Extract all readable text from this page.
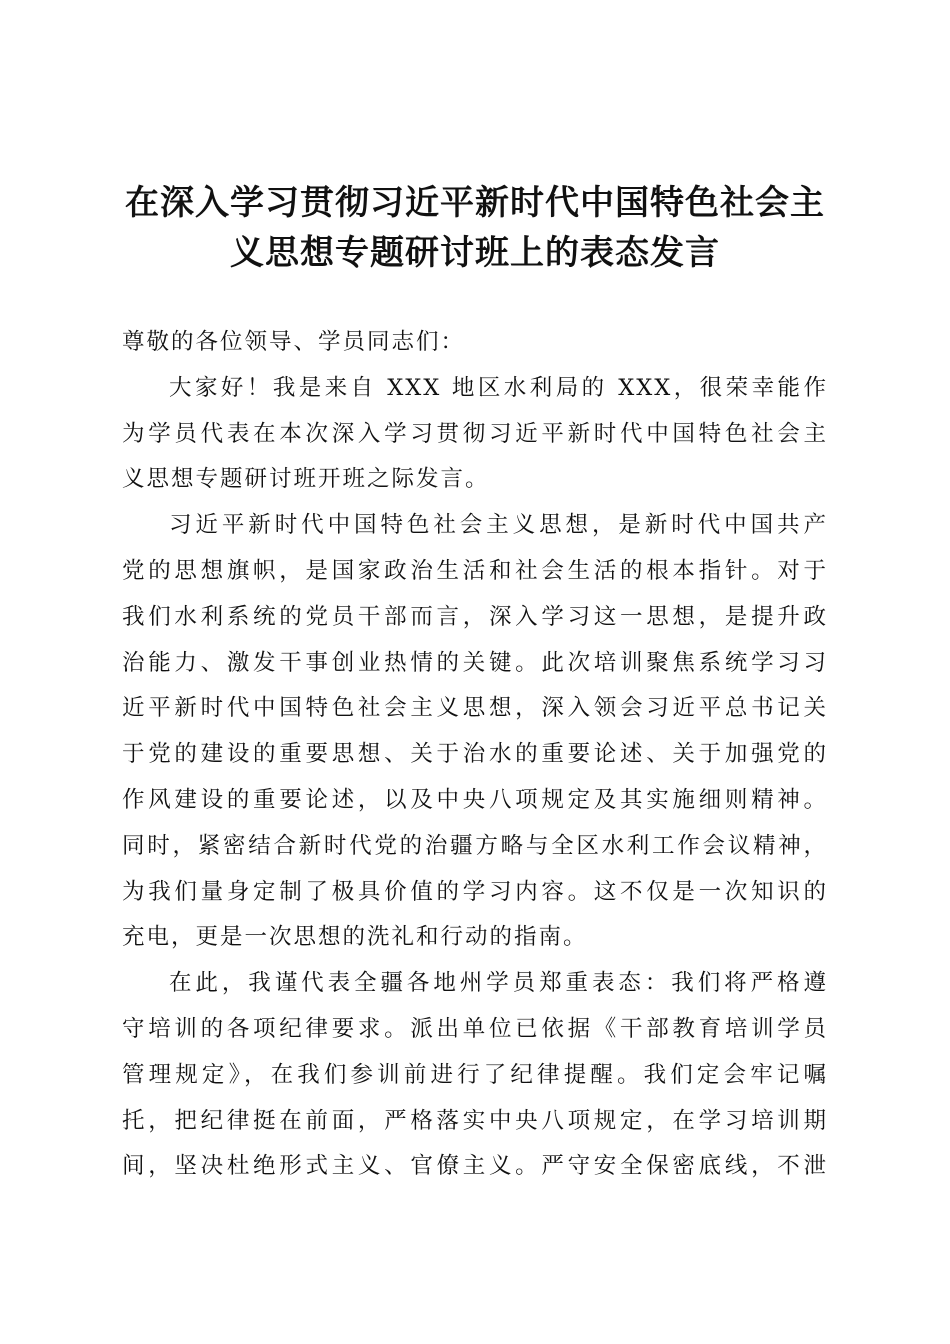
在深入学习贯彻习近平新时代中国特色社会主
义思想专题研讨班上的表态发言
尊敬的各位领导、学员同志们：
大家好！我是来自 XXX 地区水利局的 XXX，很荣幸能作
为学员代表在本次深入学习贯彻习近平新时代中国特色社会主
义思想专题研讨班开班之际发言。
习近平新时代中国特色社会主义思想，是新时代中国共产
党的思想旗帜，是国家政治生活和社会生活的根本指针。对于
我们水利系统的党员干部而言，深入学习这一思想，是提升政
治能力、激发干事创业热情的关键。此次培训聚焦系统学习习
近平新时代中国特色社会主义思想，深入领会习近平总书记关
于党的建设的重要思想、关于治水的重要论述、关于加强党的
作风建设的重要论述，以及中央八项规定及其实施细则精神。
同时，紧密结合新时代党的治疆方略与全区水利工作会议精神，
为我们量身定制了极具价值的学习内容。这不仅是一次知识的
充电，更是一次思想的洗礼和行动的指南。
在此，我谨代表全疆各地州学员郑重表态：我们将严格遵
守培训的各项纪律要求。派出单位已依据《干部教育培训学员
管理规定》，在我们参训前进行了纪律提醒。我们定会牢记嘱
托，把纪律挺在前面，严格落实中央八项规定，在学习培训期
间，坚决杜绝形式主义、官僚主义。严守安全保密底线，不泄
